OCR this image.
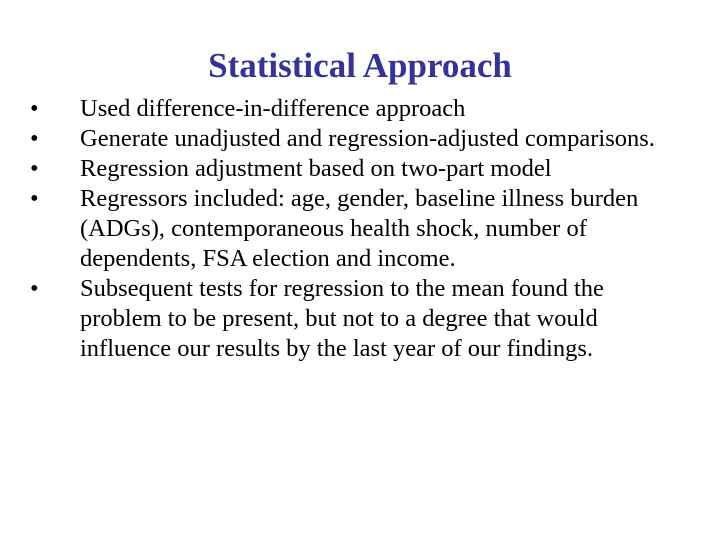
Statistical Approach
•	Used difference-in-difference approach
•	Generate unadjusted and regression-adjusted comparisons.
•	Regression adjustment based on two-part model
•	Regressors included: age, gender, baseline illness burden (ADGs), contemporaneous health shock, number of dependents, FSA election and income.
•	Subsequent tests for regression to the mean found the problem to be present, but not to a degree that would influence our results by the last year of our findings.
